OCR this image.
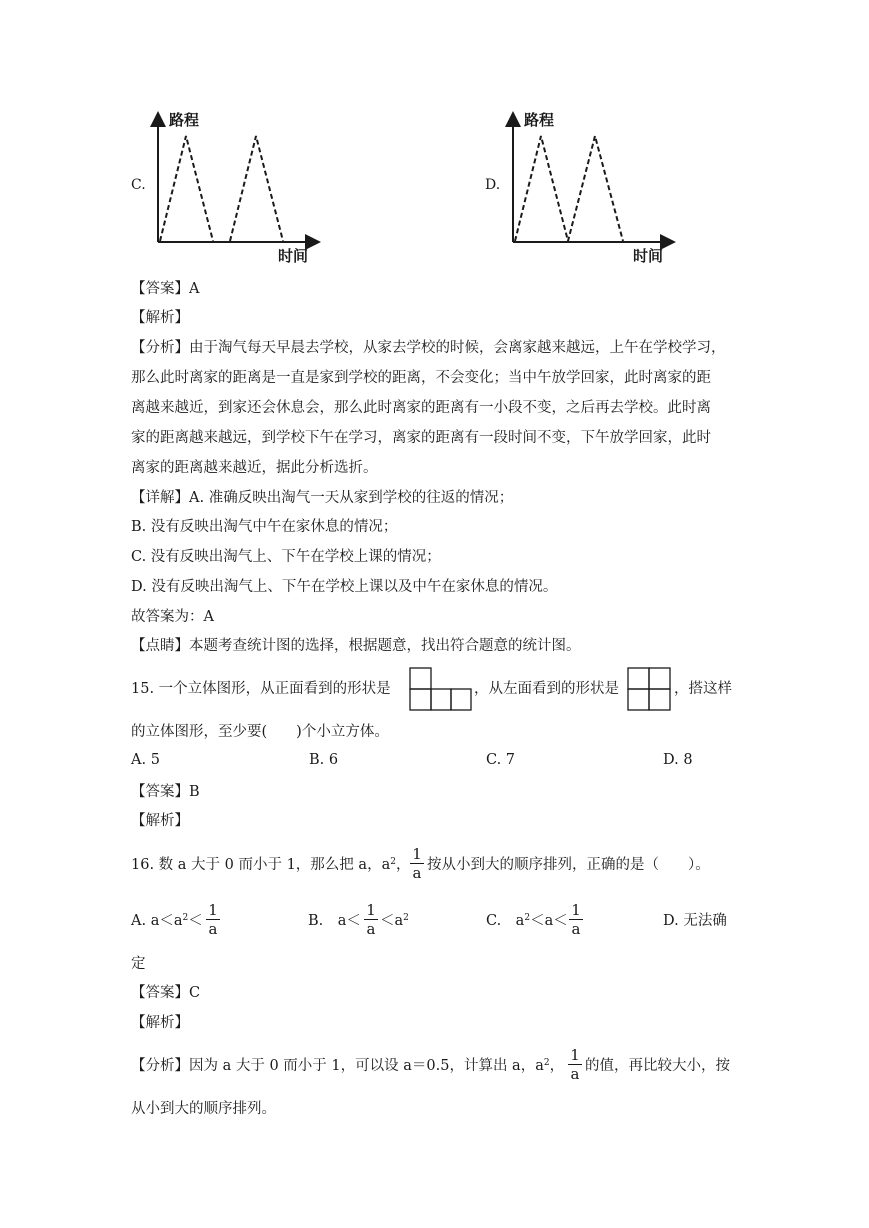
C.
路程
时间
D.
路程
时间
【答案】A
【解析】
【分析】由于淘气每天早晨去学校，从家去学校的时候，会离家越来越远，上午在学校学习，
那么此时离家的距离是一直是家到学校的距离，不会变化；当中午放学回家，此时离家的距
离越来越近，到家还会休息会，那么此时离家的距离有一小段不变，之后再去学校。此时离
家的距离越来越远，到学校下午在学习，离家的距离有一段时间不变，下午放学回家，此时
离家的距离越来越近，据此分析选折。
【详解】A. 准确反映出淘气一天从家到学校的往返的情况；
B. 没有反映出淘气中午在家休息的情况；
C. 没有反映出淘气上、下午在学校上课的情况；
D. 没有反映出淘气上、下午在学校上课以及中午在家休息的情况。
故答案为：A
【点睛】本题考查统计图的选择，根据题意，找出符合题意的统计图。
15. 一个立体图形，从正面看到的形状是	，从左面看到的形状是	，搭这样
的立体图形，至少要(　　)个小立方体。
A. 5	B. 6	C. 7	D. 8
【答案】B
【解析】
16. 数 a 大于 0 而小于 1，那么把 a，$a^2$， $\frac{1}{a}$ 按从小到大的顺序排列，正确的是（　　）。
A. $a<a^2< \frac{1}{a}$	B.　$a< \frac{1}{a} <a^2$	C.　$a^2<a< \frac{1}{a}$	D. 无法确
定
【答案】C
【解析】
【分析】因为 a 大于 0 而小于 1，可以设 a＝0.5，计算出 a，$a^2$， $\frac{1}{a}$ 的值，再比较大小，按
从小到大的顺序排列。
